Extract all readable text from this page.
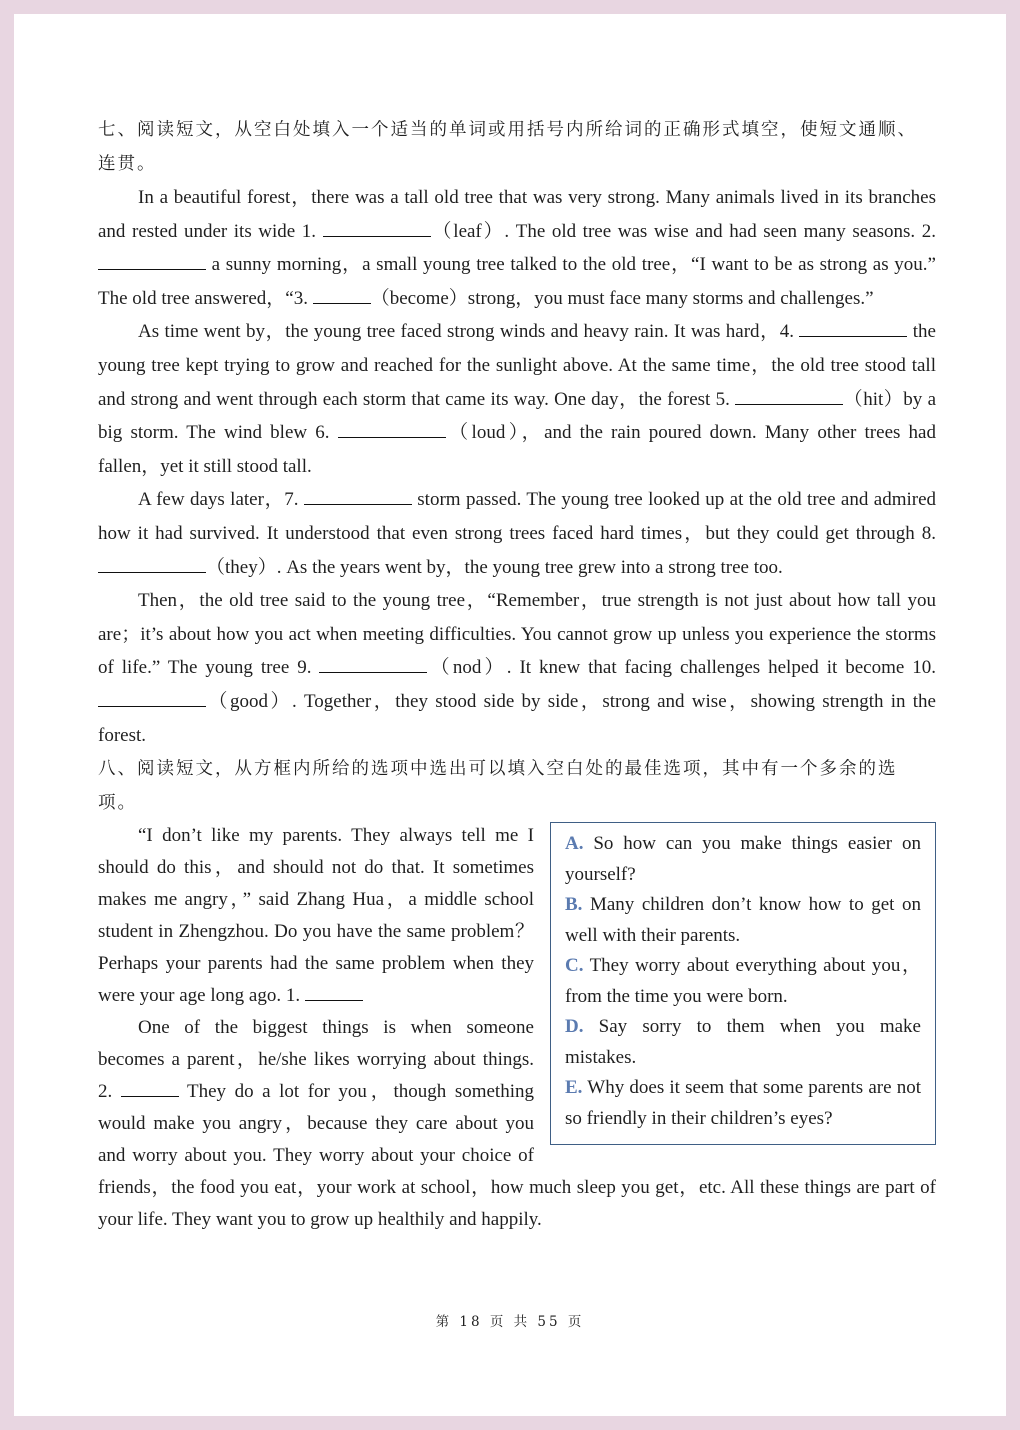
七、阅读短文，从空白处填入一个适当的单词或用括号内所给词的正确形式填空，使短文通顺、连贯。

In a beautiful forest，there was a tall old tree that was very strong. Many animals lived in its branches and rested under its wide 1.	（leaf）. The old tree was wise and had seen many seasons. 2.  a sunny morning，a small young tree talked to the old tree，“I want to be as strong as you.” The old tree answered，“3.	（become）strong，you must face many storms and challenges.”

As time went by，the young tree faced strong winds and heavy rain. It was hard，4.	the young tree kept trying to grow and reached for the sunlight above. At the same time，the old tree stood tall and strong and went through each storm that came its way. One day，the forest 5.	（hit）by a big storm. The wind blew 6.	（loud），and the rain poured down. Many other trees had fallen，yet it still stood tall.

A few days later，7.	storm passed. The young tree looked up at the old tree and admired how it had survived. It understood that even strong trees faced hard times，but they could get through 8. （they）. As the years went by，the young tree grew into a strong tree too.

Then，the old tree said to the young tree，“Remember，true strength is not just about how tall you are；it’s about how you act when meeting difficulties. You cannot grow up unless you experience the storms of life.” The young tree 9.	（nod）. It knew that facing challenges helped it become 10. （good）. Together，they stood side by side，strong and wise，showing strength in the forest.

八、阅读短文，从方框内所给的选项中选出可以填入空白处的最佳选项，其中有一个多余的选项。

A. So how can you make things easier on yourself?

B. Many children don’t know how to get on well with their parents.

C. They worry about everything about you，from the time you were born.

D. Say sorry to them when you make mistakes.

E. Why does it seem that some parents are not so friendly in their children’s eyes?

“I don’t like my parents. They always tell me I should do this，and should not do that. It sometimes makes me angry，” said Zhang Hua，a middle school student in Zhengzhou. Do you have the same problem？Perhaps your parents had the same problem when they were your age long ago. 1.

One of the biggest things is when someone becomes a parent，he/she likes worrying about things. 2.	They do a lot for you，though something would make you angry，because they care about you and worry about you. They worry about your choice of friends，the food you eat，your work at school，how much sleep you get，etc. All these things are part of your life. They want you to grow up healthily and happily.

第 18 页 共 55 页
